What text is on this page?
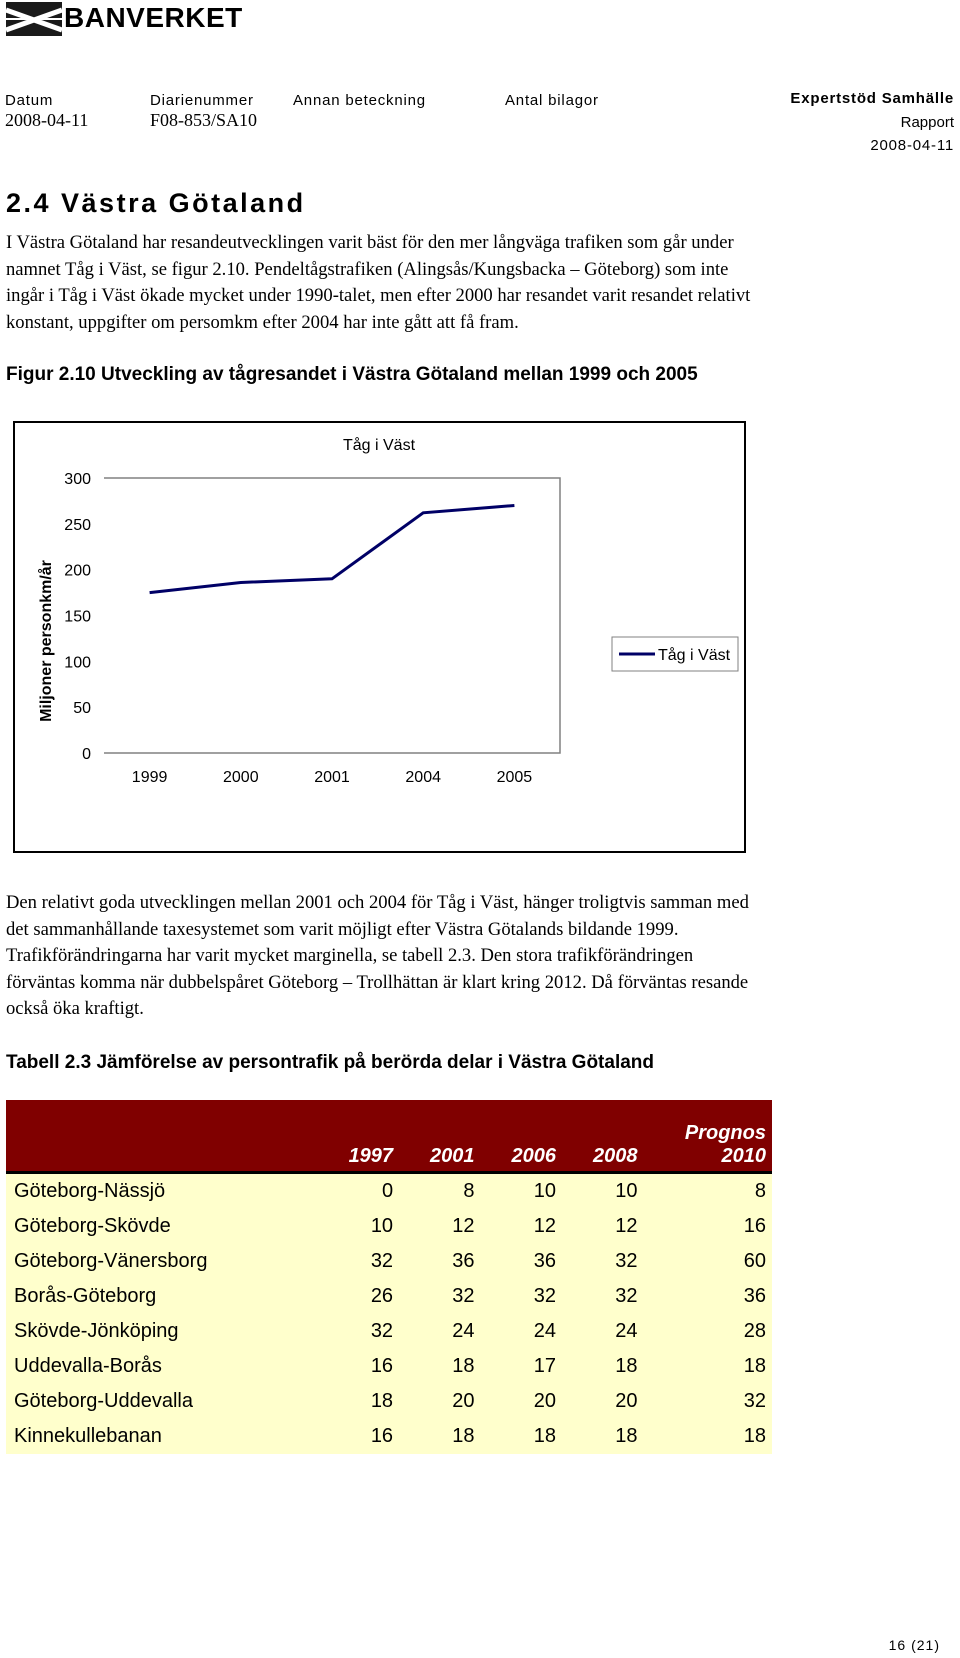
BANVERKET
Datum
2008-04-11
Diarienummer
F08-853/SA10
Annan beteckning	Antal bilagor	Expertstöd Samhälle
Rapport
2008-04-11
2.4 Västra Götaland
I Västra Götaland har resandeutvecklingen varit bäst för den mer långväga trafiken som går under
namnet Tåg i Väst, se figur 2.10. Pendeltågstrafiken (Alingsås/Kungsbacka – Göteborg) som inte
ingår i Tåg i Väst ökade mycket under 1990-talet, men efter 2000 har resandet varit resandet relativt
konstant, uppgifter om persomkm efter 2004 har inte gått att få fram.
Figur 2.10 Utveckling av tågresandet i Västra Götaland mellan 1999 och 2005
Tåg i Väst
Miljoner personkm/år
0
50
100
150
200
250
300
1999	2000	2001	2004	2005
Tåg i Väst
Den relativt goda utvecklingen mellan 2001 och 2004 för Tåg i Väst, hänger troligtvis samman med
det sammanhållande taxesystemet som varit möjligt efter Västra Götalands bildande 1999.
Trafikförändringarna har varit mycket marginella, se tabell 2.3. Den stora trafikförändringen
förväntas komma när dubbelspåret Göteborg – Trollhättan är klart kring 2012. Då förväntas resande
också öka kraftigt.
Tabell 2.3 Jämförelse av persontrafik på berörda delar i Västra Götaland
	1997	2001	2006	2008	Prognos
2010

Göteborg-Nässjö	0	8	10	10	8
Göteborg-Skövde	10	12	12	12	16
Göteborg-Vänersborg	32	36	36	32	60
Borås-Göteborg	26	32	32	32	36
Skövde-Jönköping	32	24	24	24	28
Uddevalla-Borås	16	18	17	18	18
Göteborg-Uddevalla	18	20	20	20	32
Kinnekullebanan	16	18	18	18	18
16 (21)
